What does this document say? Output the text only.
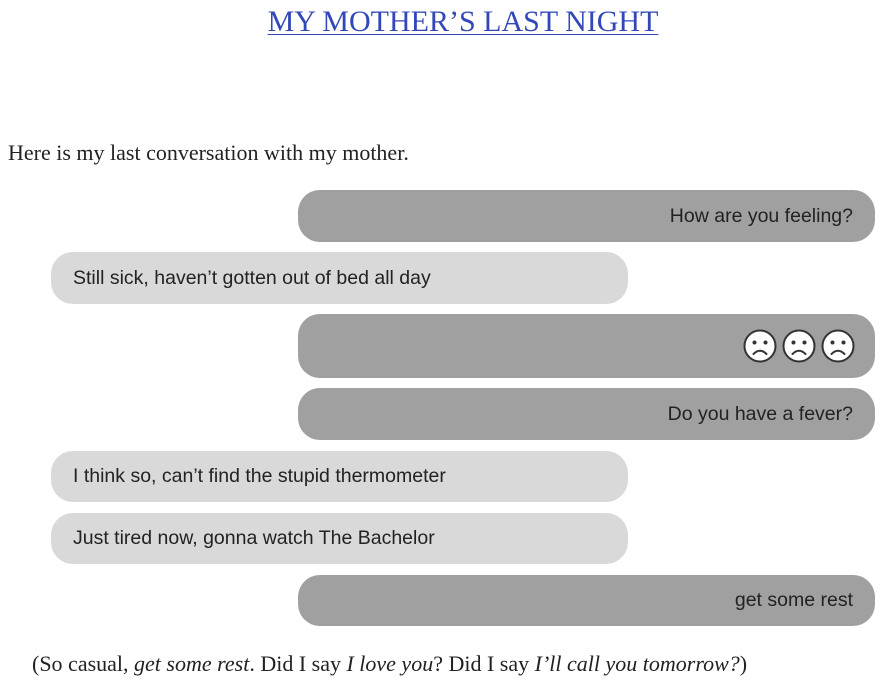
MY MOTHER’S LAST NIGHT

Here is my last conversation with my mother.

How are you feeling?
Still sick, haven’t gotten out of bed all day
Do you have a fever?
I think so, can’t find the stupid thermometer
Just tired now, gonna watch The Bachelor
get some rest

(So casual, get some rest. Did I say I love you? Did I say I’ll call you tomorrow?)
